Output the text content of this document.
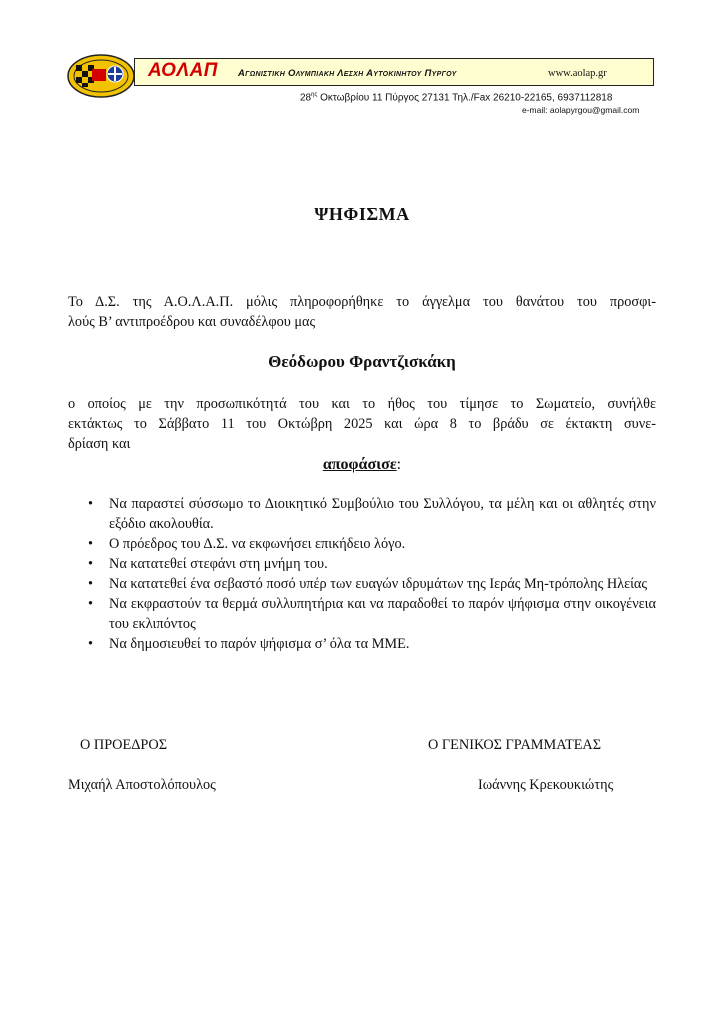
ΑΟΛΑΠ Αγωνιστικη Ολυμπιακη Λεσχη Αυτοκινητου Πυργου	www.aolap.gr
$28^{\eta\varsigma}$ Οκτωβρίου 11 Πύργος 27131 Τηλ./Fax 26210-22165, 6937112818
e-mail: aolapyrgou@gmail.com
ΨΗΦΙΣΜΑ
Το Δ.Σ. της Α.Ο.Λ.Α.Π. μόλις πληροφορήθηκε το άγγελμα του θανάτου του προσφι-
λούς Β’ αντιπροέδρου και συναδέλφου μας
Θεόδωρου Φραντζισκάκη
ο οποίος με την προσωπικότητά του και το ήθος του τίμησε το Σωματείο, συνήλθε
εκτάκτως το Σάββατο 11 του Οκτώβρη 2025 και ώρα 8 το βράδυ σε έκτακτη συνε-
δρίαση και
αποφάσισε:
• Να παραστεί σύσσωμο το Διοικητικό Συμβούλιο του Συλλόγου, τα μέλη και οι αθλητές στην εξόδιο ακολουθία.
• Ο πρόεδρος του Δ.Σ. να εκφωνήσει επικήδειο λόγο.
• Να κατατεθεί στεφάνι στη μνήμη του.
• Να κατατεθεί ένα σεβαστό ποσό υπέρ των ευαγών ιδρυμάτων της Ιεράς Μη-τρόπολης Ηλείας
• Να εκφραστούν τα θερμά συλλυπητήρια και να παραδοθεί το παρόν ψήφισμα στην οικογένεια του εκλιπόντος
• Να δημοσιευθεί το παρόν ψήφισμα σ’ όλα τα ΜΜΕ.
Ο ΠΡΟΕΔΡΟΣ
Μιχαήλ Αποστολόπουλος
Ο ΓΕΝΙΚΟΣ ΓΡΑΜΜΑΤΕΑΣ
Ιωάννης Κρεκουκιώτης
